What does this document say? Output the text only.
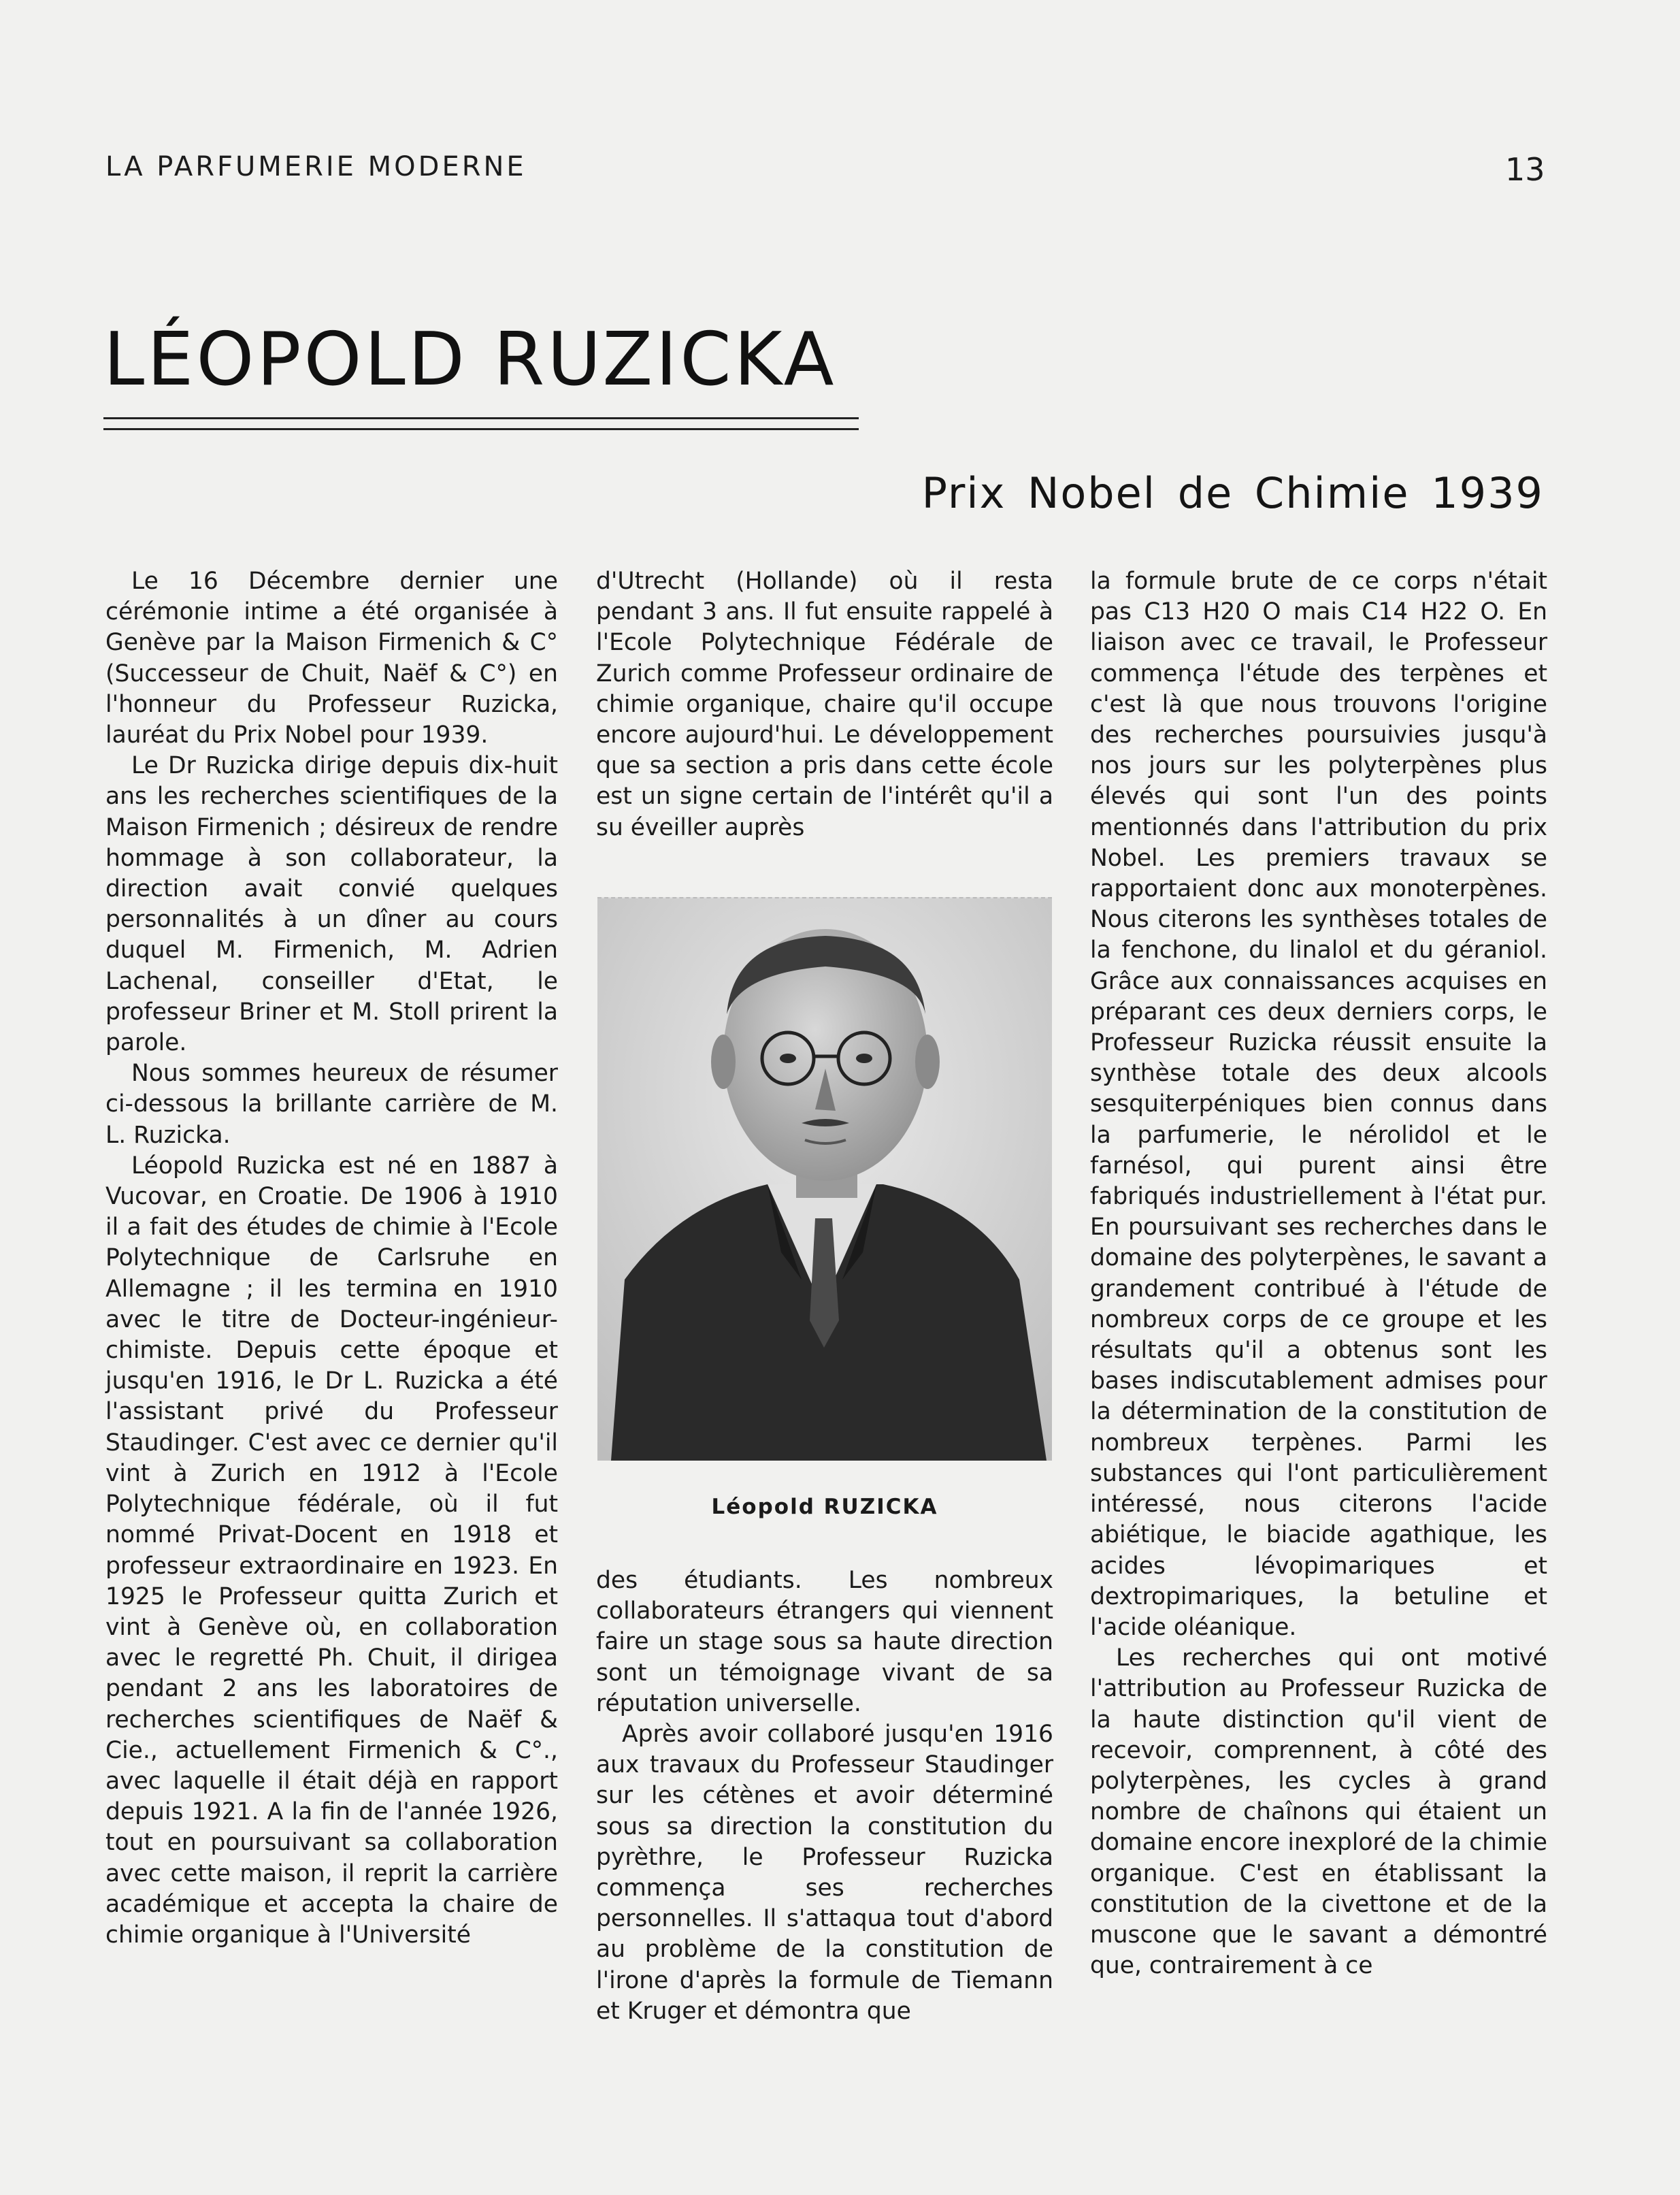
LA PARFUMERIE MODERNE	13
LÉOPOLD RUZICKA
Prix Nobel de Chimie 1939

Le 16 Décembre dernier une cérémonie intime a été organisée à Genève par la Maison Firmenich & C° (Successeur de Chuit, Naëf & C°) en l'honneur du Professeur Ruzicka, lauréat du Prix Nobel pour 1939.

Le Dr Ruzicka dirige depuis dix-huit ans les recherches scientifiques de la Maison Firmenich ; désireux de rendre hommage à son collaborateur, la direction avait convié quelques personnalités à un dîner au cours duquel M. Firmenich, M. Adrien Lachenal, conseiller d'Etat, le professeur Briner et M. Stoll prirent la parole.

Nous sommes heureux de résumer ci-dessous la brillante carrière de M. L. Ruzicka.

Léopold Ruzicka est né en 1887 à Vucovar, en Croatie. De 1906 à 1910 il a fait des études de chimie à l'Ecole Polytechnique de Carlsruhe en Allemagne ; il les termina en 1910 avec le titre de Docteur-ingénieur-chimiste. Depuis cette époque et jusqu'en 1916, le Dr L. Ruzicka a été l'assistant privé du Professeur Staudinger. C'est avec ce dernier qu'il vint à Zurich en 1912 à l'Ecole Polytechnique fédérale, où il fut nommé Privat-Docent en 1918 et professeur extraordinaire en 1923. En 1925 le Professeur quitta Zurich et vint à Genève où, en collaboration avec le regretté Ph. Chuit, il dirigea pendant 2 ans les laboratoires de recherches scientifiques de Naëf & Cie., actuellement Firmenich & C°., avec laquelle il était déjà en rapport depuis 1921. A la fin de l'année 1926, tout en poursuivant sa collaboration avec cette maison, il reprit la carrière académique et accepta la chaire de chimie organique à l'Université

d'Utrecht (Hollande) où il resta pendant 3 ans. Il fut ensuite rappelé à l'Ecole Polytechnique Fédérale de Zurich comme Professeur ordinaire de chimie organique, chaire qu'il occupe encore aujourd'hui. Le développement que sa section a pris dans cette école est un signe certain de l'intérêt qu'il a su éveiller auprès

Léopold RUZICKA

des étudiants. Les nombreux collaborateurs étrangers qui viennent faire un stage sous sa haute direction sont un témoignage vivant de sa réputation universelle.

Après avoir collaboré jusqu'en 1916 aux travaux du Professeur Staudinger sur les cétènes et avoir déterminé sous sa direction la constitution du pyrèthre, le Professeur Ruzicka commença ses recherches personnelles. Il s'attaqua tout d'abord au problème de la constitution de l'irone d'après la formule de Tiemann et Kruger et démontra que

la formule brute de ce corps n'était pas C13 H20 O mais C14 H22 O. En liaison avec ce travail, le Professeur commença l'étude des terpènes et c'est là que nous trouvons l'origine des recherches poursuivies jusqu'à nos jours sur les polyterpènes plus élevés qui sont l'un des points mentionnés dans l'attribution du prix Nobel. Les premiers travaux se rapportaient donc aux monoterpènes. Nous citerons les synthèses totales de la fenchone, du linalol et du géraniol. Grâce aux connaissances acquises en préparant ces deux derniers corps, le Professeur Ruzicka réussit ensuite la synthèse totale des deux alcools sesquiterpéniques bien connus dans la parfumerie, le nérolidol et le farnésol, qui purent ainsi être fabriqués industriellement à l'état pur. En poursuivant ses recherches dans le domaine des polyterpènes, le savant a grandement contribué à l'étude de nombreux corps de ce groupe et les résultats qu'il a obtenus sont les bases indiscutablement admises pour la détermination de la constitution de nombreux terpènes. Parmi les substances qui l'ont particulièrement intéressé, nous citerons l'acide abiétique, le biacide agathique, les acides lévopimariques et dextropimariques, la betuline et l'acide oléanique.

Les recherches qui ont motivé l'attribution au Professeur Ruzicka de la haute distinction qu'il vient de recevoir, comprennent, à côté des polyterpènes, les cycles à grand nombre de chaînons qui étaient un domaine encore inexploré de la chimie organique. C'est en établissant la constitution de la civettone et de la muscone que le savant a démontré que, contrairement à ce
